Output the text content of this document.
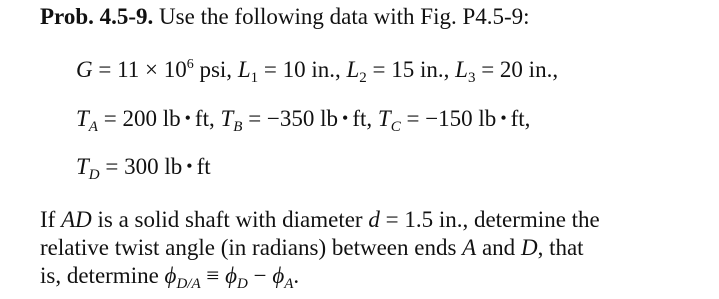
Prob. 4.5-9. Use the following data with Fig. P4.5-9:
$G = 11 \times 10^6$ psi, $L_1 = 10$ in., $L_2 = 15$ in., $L_3 = 20$ in.,
$T_A = 200$ lb • ft, $T_B = -350$ lb • ft, $T_C = -150$ lb • ft,
$T_D = 300$ lb • ft
If AD is a solid shaft with diameter d = 1.5 in., determine the
relative twist angle (in radians) between ends A and D, that
is, determine $\phi_{D/A} \equiv \phi_D - \phi_A$.
